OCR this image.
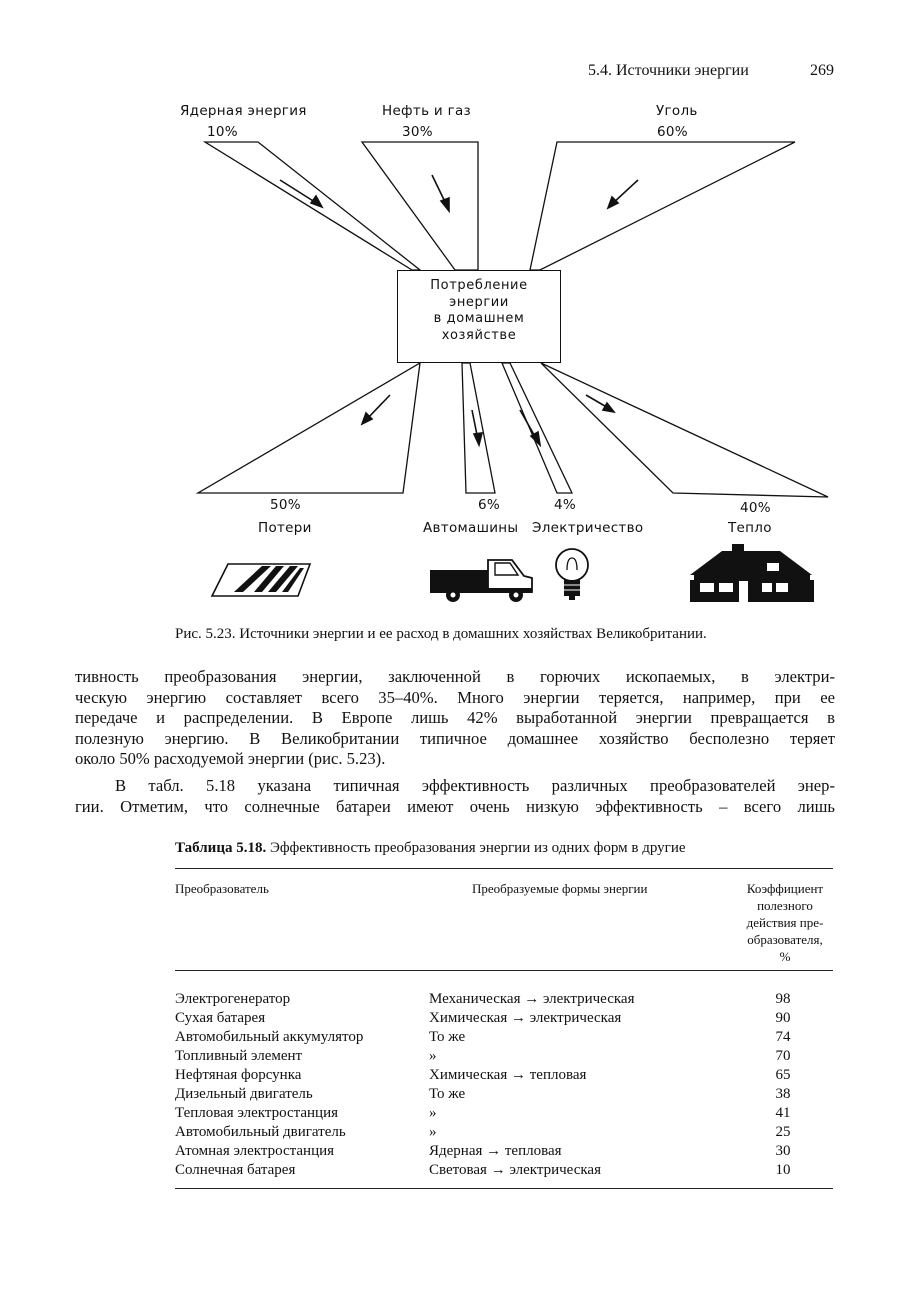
5.4. Источники энергии	269
Ядерная энергия
10%
Нефть и газ
30%
Уголь
60%
Потребление
энергии
в домашнем
хозяйстве
50%
Потери
6%
Автомашины
4%
Электричество
40%
Тепло
Рис. 5.23. Источники энергии и ее расход в домашних хозяйствах Великобритании.
тивность преобразования энергии, заключенной в горючих ископаемых, в электри-
ческую энергию составляет всего 35–40%. Много энергии теряется, например, при ее
передаче и распределении. В Европе лишь 42% выработанной энергии превращается в
полезную энергию. В Великобритании типичное домашнее хозяйство бесполезно теряет
около 50% расходуемой энергии (рис. 5.23).
В табл. 5.18 указана типичная эффективность различных преобразователей энер-
гии. Отметим, что солнечные батареи имеют очень низкую эффективность – всего лишь
Таблица 5.18. Эффективность преобразования энергии из одних форм в другие
Преобразователь	Преобразуемые формы энергии	Коэффициент
полезного
действия пре-
образователя,
%
Электрогенератор	Механическая → электрическая	98
Сухая батарея	Химическая → электрическая	90
Автомобильный аккумулятор	То же	74
Топливный элемент	»	70
Нефтяная форсунка	Химическая → тепловая	65
Дизельный двигатель	То же	38
Тепловая электростанция	»	41
Автомобильный двигатель	»	25
Атомная электростанция	Ядерная → тепловая	30
Солнечная батарея	Световая → электрическая	10
